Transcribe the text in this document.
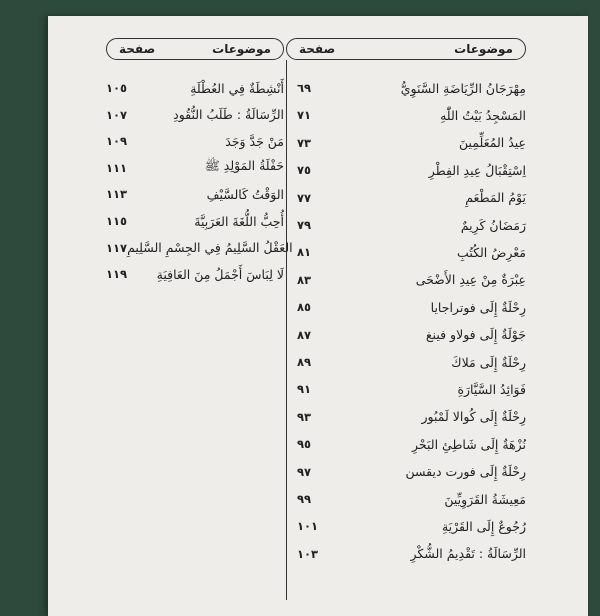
صفحة	موضوعات
١٠٥	أَنْشِطَةٌ فِي العُطْلَةِ
١٠٧	الرِّسَالَةُ : طَلَبُ النُّقُودِ
١٠٩	مَنْ جَدَّ وَجَدَ
١١١	حَفْلَةُ المَوْلِدِ ﷺ
١١٣	الوَقْتُ كَالسَّيْفِ
١١٥	أُحِبُّ اللُّغَةَ العَرَبِيَّةَ
١١٧ العَقْلُ السَّلِيمُ فِي الجِسْمِ السَّلِيمِ
١١٩	لَا لِبَاسَ أَجْمَلُ مِنَ العَافِيَةِ
صفحة	موضوعات
٦٩	مِهْرَجَانُ الرِّيَاضَةِ السَّنَوِيُّ
٧١	المَسْجِدُ بَيْتُ اللّٰهِ
٧٣	عِيدُ المُعَلِّمِينَ
٧٥	اِسْتِقْبَالُ عِيدِ الفِطْرِ
٧٧	يَوْمُ المَطْعَمِ
٧٩	رَمَضَانُ كَرِيمٌ
٨١	مَعْرِضُ الكُتُبِ
٨٣	عِبْرَةٌ مِنْ عِيدِ الأَضْحَى
٨٥	رِحْلَةٌ إِلَى فوتراجايا
٨٧	جَوْلَةٌ إِلَى فولاو فينغ
٨٩	رِحْلَةٌ إِلَى مَلاكَ
٩١	فَوَائِدُ السَّيَّارَةِ
٩٣	رِحْلَةٌ إِلَى كُوالا لَمْبُور
٩٥	نُزْهَةٌ إِلَى شَاطِئِ البَحْرِ
٩٧	رِحْلَةٌ إِلَى فورت ديقسن
٩٩	مَعِيشَةُ القَرَوِيِّينَ
١٠١	رُجُوعٌ إِلَى القَرْيَةِ
١٠٣	الرِّسَالَةُ : تَقْدِيمُ الشُّكْرِ
